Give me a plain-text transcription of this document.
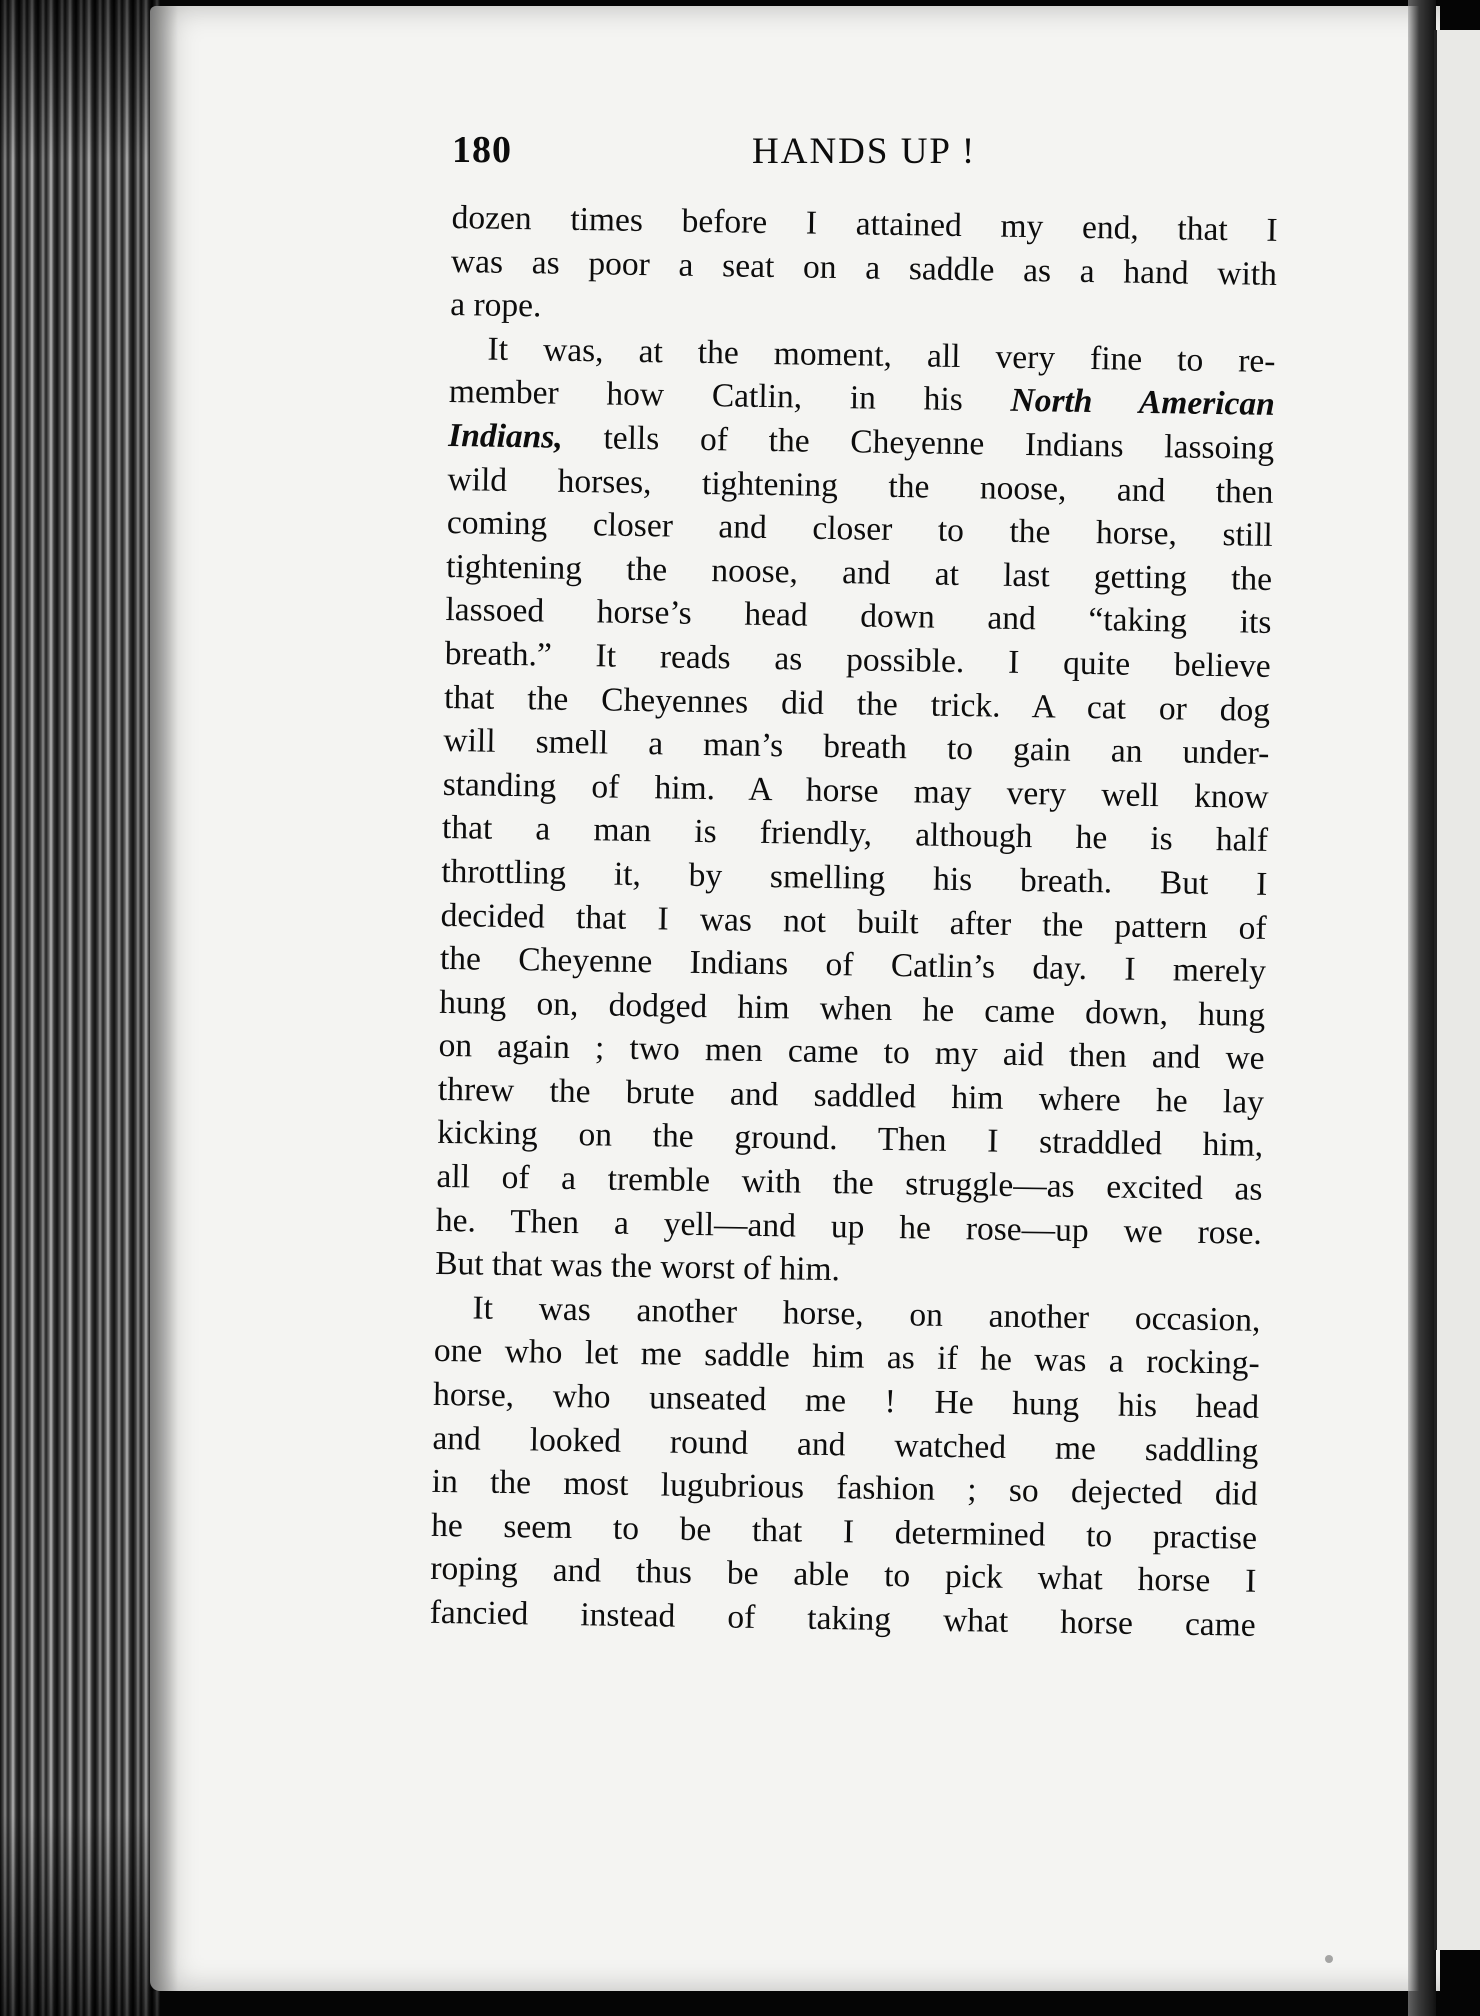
180	HANDS UP !
dozen times before I attained my end, that I
was as poor a seat on a saddle as a hand with
a rope.
It was, at the moment, all very fine to re-
member how Catlin, in his North American
Indians, tells of the Cheyenne Indians lassoing
wild horses, tightening the noose, and then
coming closer and closer to the horse, still
tightening the noose, and at last getting the
lassoed horse’s head down and “taking its
breath.” It reads as possible. I quite believe
that the Cheyennes did the trick. A cat or dog
will smell a man’s breath to gain an under-
standing of him. A horse may very well know
that a man is friendly, although he is half
throttling it, by smelling his breath. But I
decided that I was not built after the pattern of
the Cheyenne Indians of Catlin’s day. I merely
hung on, dodged him when he came down, hung
on again ; two men came to my aid then and we
threw the brute and saddled him where he lay
kicking on the ground. Then I straddled him,
all of a tremble with the struggle—as excited as
he. Then a yell—and up he rose—up we rose.
But that was the worst of him.
It was another horse, on another occasion,
one who let me saddle him as if he was a rocking-
horse, who unseated me ! He hung his head
and looked round and watched me saddling
in the most lugubrious fashion ; so dejected did
he seem to be that I determined to practise
roping and thus be able to pick what horse I
fancied instead of taking what horse came
